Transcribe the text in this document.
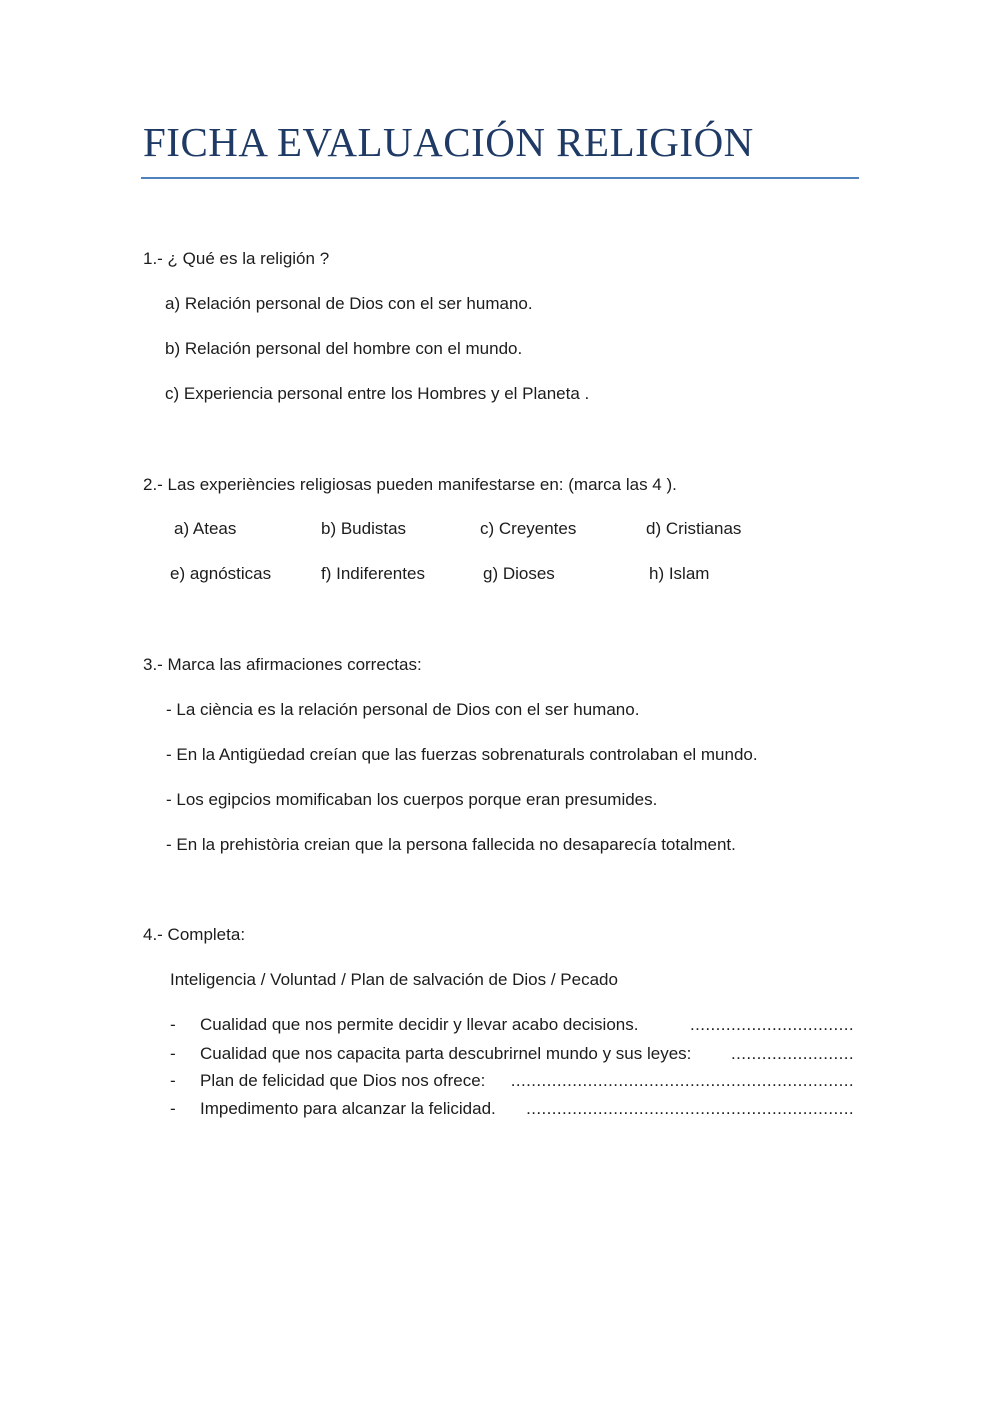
FICHA EVALUACIÓN RELIGIÓN
1.- ¿ Qué es la religión ?
a) Relación personal de Dios con el ser humano.
b) Relación personal del hombre con el mundo.
c) Experiencia personal entre los Hombres y el Planeta .
2.- Las experiències religiosas pueden manifestarse en: (marca las 4 ).
a) Ateas	b) Budistas	c) Creyentes	d) Cristianas
e) agnósticas	f) Indiferentes	g) Dioses	h) Islam
3.- Marca las afirmaciones correctas:
- La ciència es la relación personal de Dios con el ser humano.
- En la Antigüedad creían que las fuerzas sobrenaturals controlaban el mundo.
- Los egipcios momificaban los cuerpos porque eran presumides.
- En la prehistòria creian que la persona fallecida no desaparecía totalment.
4.- Completa:
Inteligencia / Voluntad / Plan de salvación de Dios / Pecado
-	Cualidad que nos permite decidir y llevar acabo decisions.	................................
-	Cualidad que nos capacita parta descubrirnel mundo y sus leyes:	........................
-	Plan de felicidad que Dios nos ofrece:	...................................................................
-	Impedimento para alcanzar la felicidad.	................................................................
